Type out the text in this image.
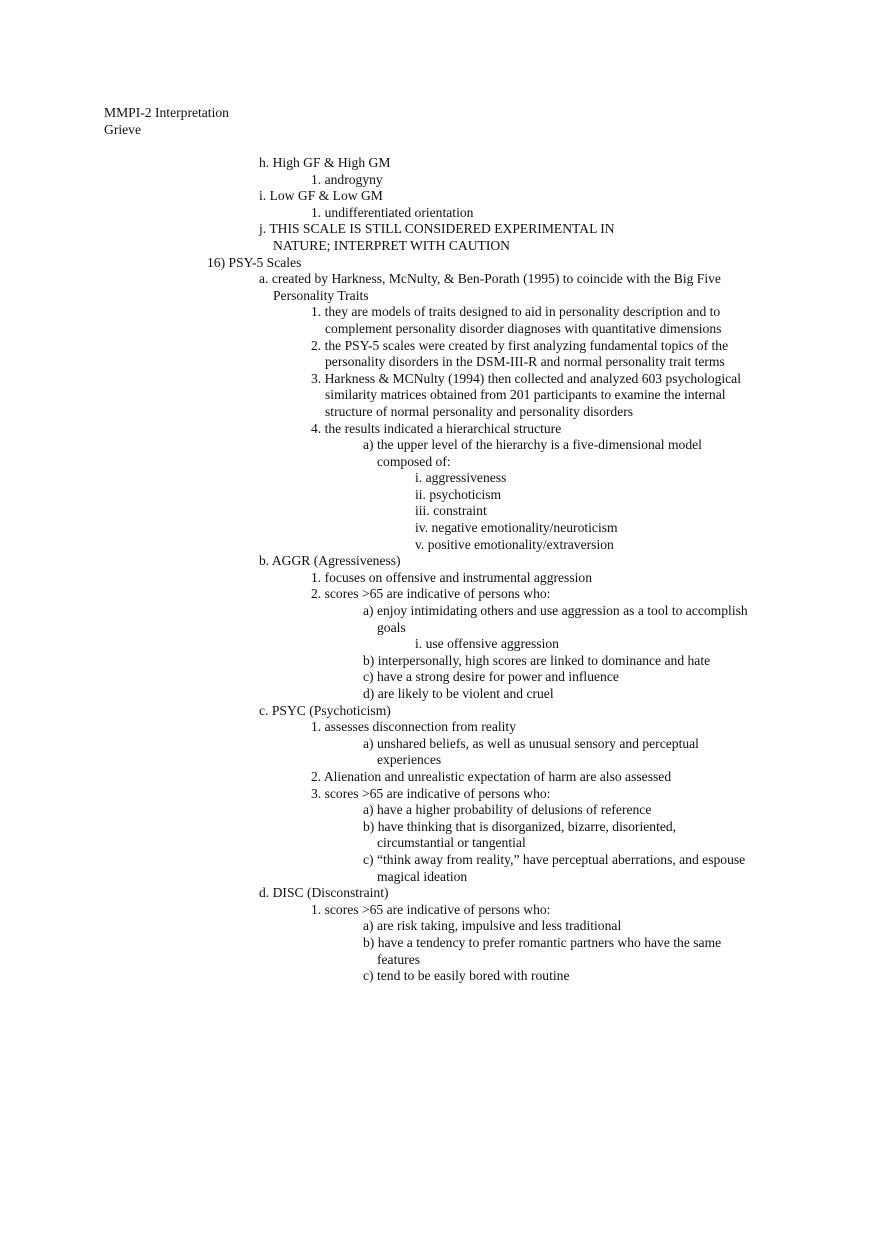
MMPI-2 Interpretation
Grieve
h. High GF & High GM
1. androgyny
i. Low GF & Low GM
1. undifferentiated orientation
j. THIS SCALE IS STILL CONSIDERED EXPERIMENTAL IN
NATURE; INTERPRET WITH CAUTION
16) PSY-5 Scales
a. created by Harkness, McNulty, & Ben-Porath (1995) to coincide with the Big Five
Personality Traits
1. they are models of traits designed to aid in personality description and to
complement personality disorder diagnoses with quantitative dimensions
2. the PSY-5 scales were created by first analyzing fundamental topics of the
personality disorders in the DSM-III-R and normal personality trait terms
3. Harkness & MCNulty (1994) then collected and analyzed 603 psychological
similarity matrices obtained from 201 participants to examine the internal
structure of normal personality and personality disorders
4. the results indicated a hierarchical structure
a) the upper level of the hierarchy is a five-dimensional model
composed of:
i. aggressiveness
ii. psychoticism
iii. constraint
iv. negative emotionality/neuroticism
v. positive emotionality/extraversion
b. AGGR (Agressiveness)
1. focuses on offensive and instrumental aggression
2. scores >65 are indicative of persons who:
a) enjoy intimidating others and use aggression as a tool to accomplish
goals
i. use offensive aggression
b) interpersonally, high scores are linked to dominance and hate
c) have a strong desire for power and influence
d) are likely to be violent and cruel
c. PSYC (Psychoticism)
1. assesses disconnection from reality
a) unshared beliefs, as well as unusual sensory and perceptual
experiences
2. Alienation and unrealistic expectation of harm are also assessed
3. scores >65 are indicative of persons who:
a) have a higher probability of delusions of reference
b) have thinking that is disorganized, bizarre, disoriented,
circumstantial or tangential
c) “think away from reality,” have perceptual aberrations, and espouse
magical ideation
d. DISC (Disconstraint)
1. scores >65 are indicative of persons who:
a) are risk taking, impulsive and less traditional
b) have a tendency to prefer romantic partners who have the same
features
c) tend to be easily bored with routine
